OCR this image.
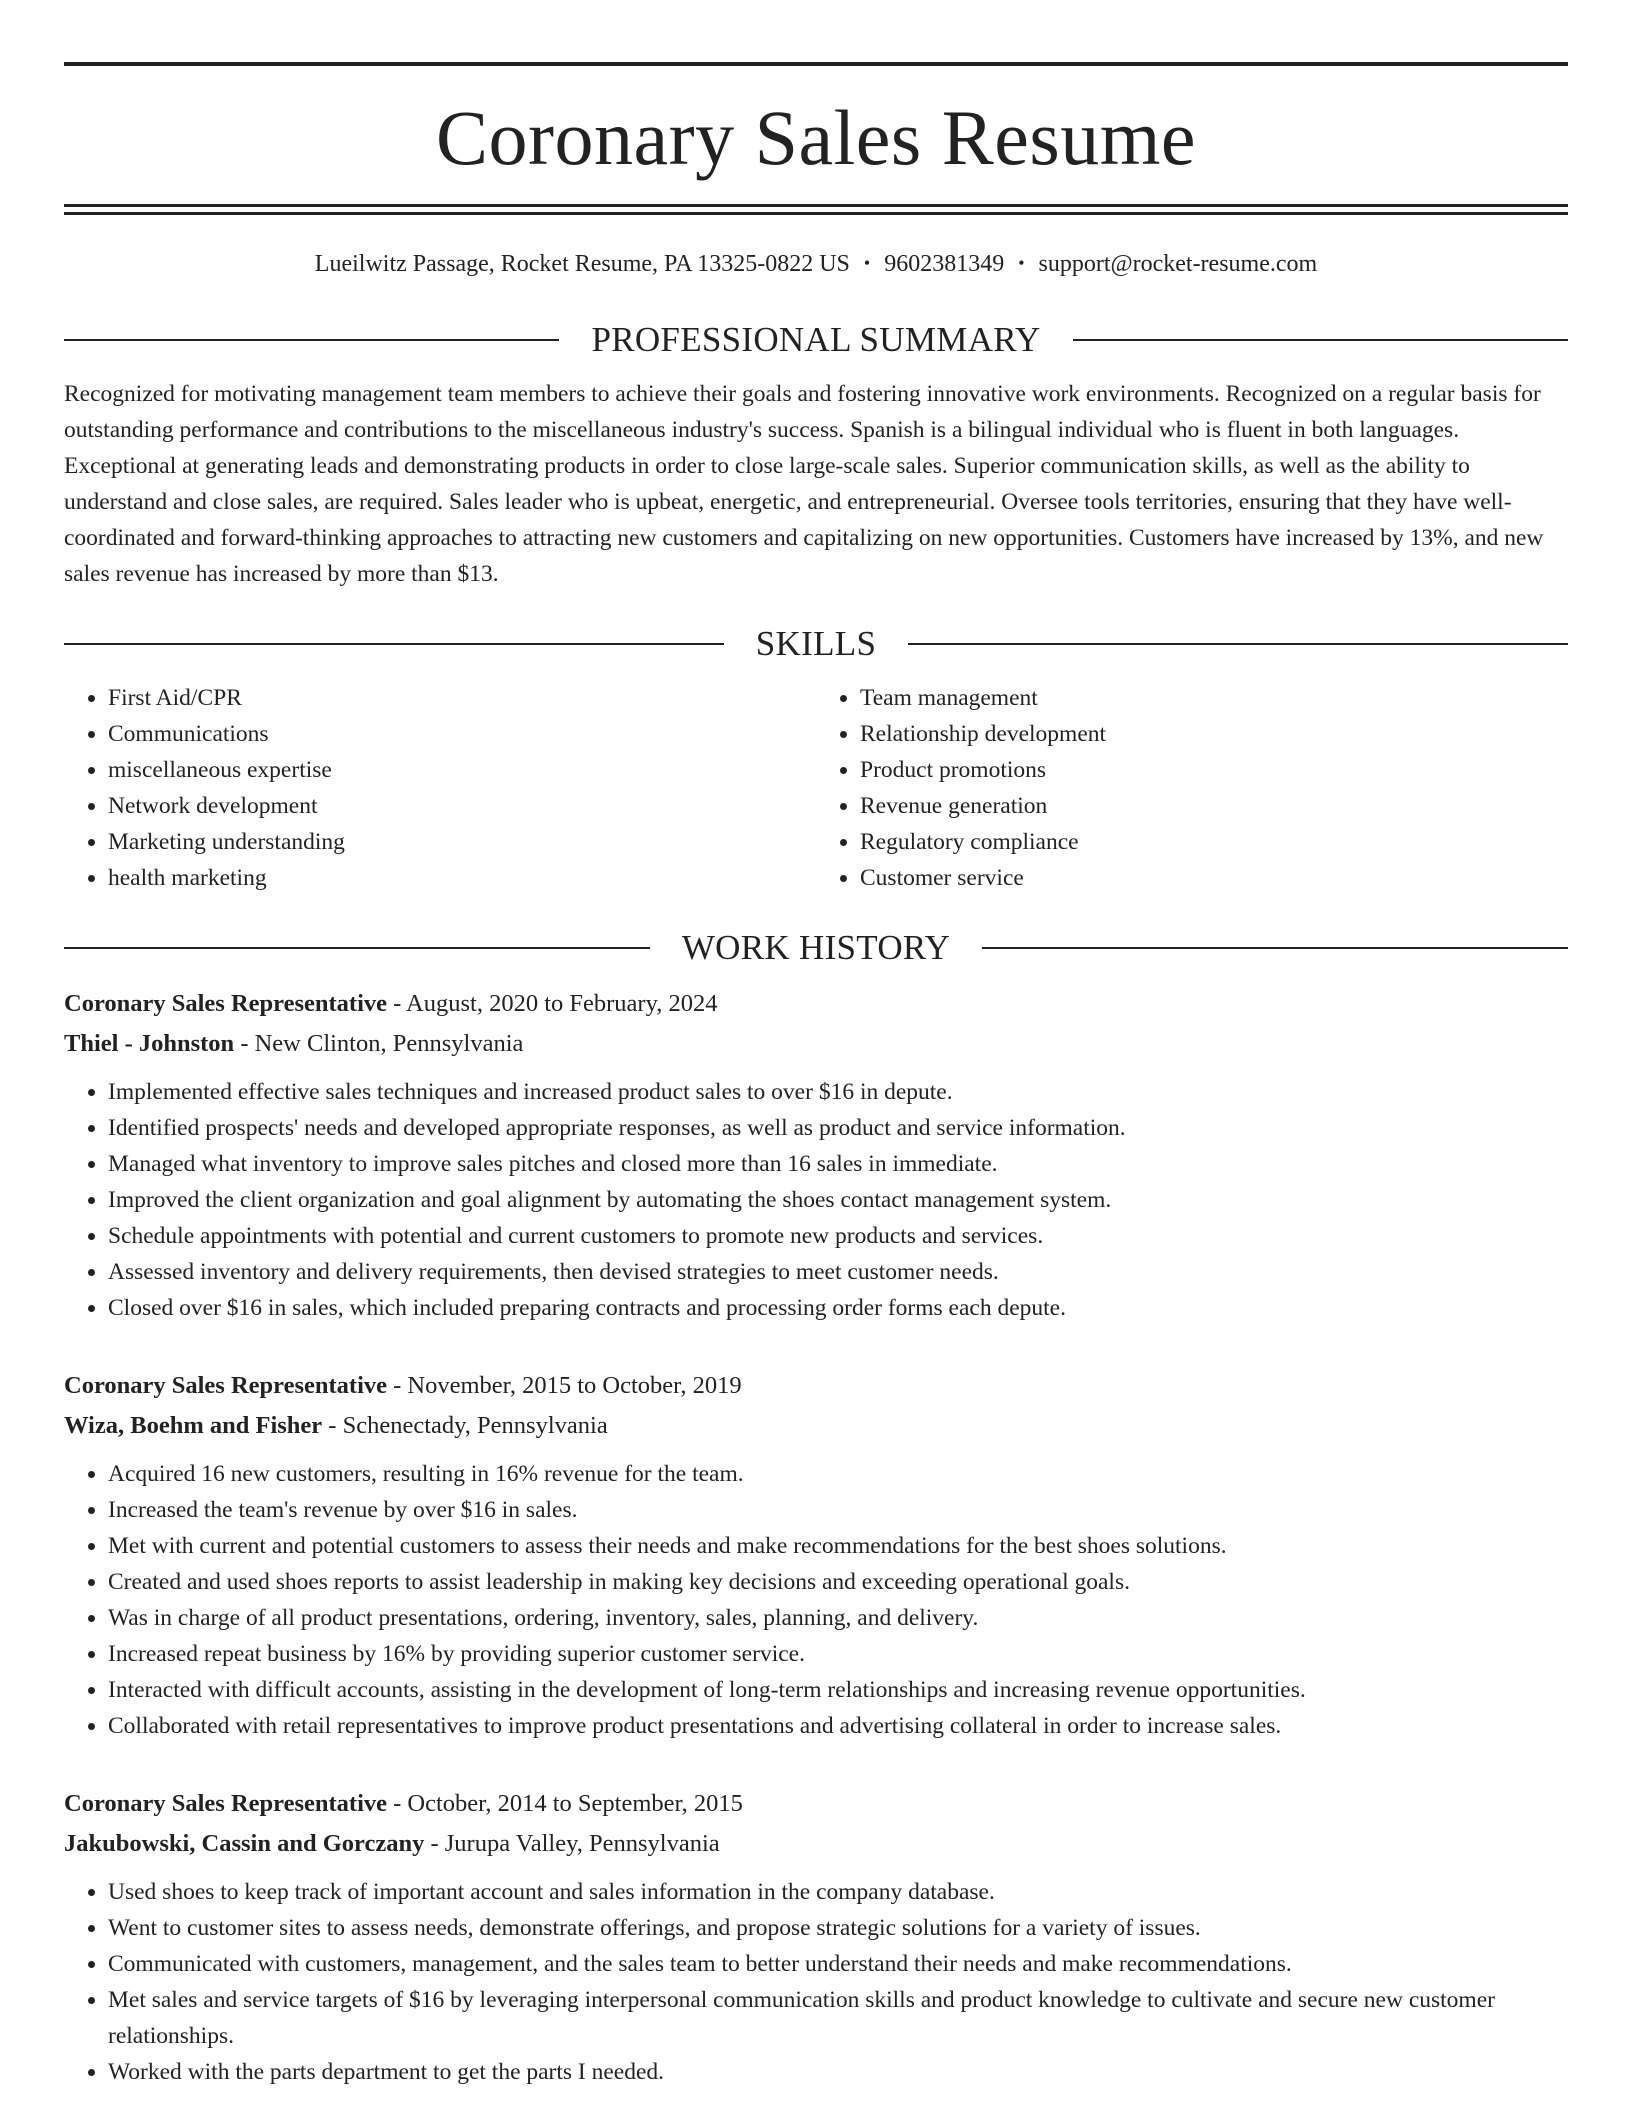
Coronary Sales Resume
Lueilwitz Passage, Rocket Resume, PA 13325-0822 US • 9602381349 • support@rocket-resume.com
PROFESSIONAL SUMMARY

Recognized for motivating management team members to achieve their goals and fostering innovative work environments. Recognized on a regular basis for outstanding performance and contributions to the miscellaneous industry's success. Spanish is a bilingual individual who is fluent in both languages. Exceptional at generating leads and demonstrating products in order to close large-scale sales. Superior communication skills, as well as the ability to understand and close sales, are required. Sales leader who is upbeat, energetic, and entrepreneurial. Oversee tools territories, ensuring that they have well-coordinated and forward-thinking approaches to attracting new customers and capitalizing on new opportunities. Customers have increased by 13%, and new sales revenue has increased by more than $13.

SKILLS
• First Aid/CPR
• Communications
• miscellaneous expertise
• Network development
• Marketing understanding
• health marketing
• Team management
• Relationship development
• Product promotions
• Revenue generation
• Regulatory compliance
• Customer service
WORK HISTORY
Coronary Sales Representative - August, 2020 to February, 2024
Thiel - Johnston - New Clinton, Pennsylvania
• Implemented effective sales techniques and increased product sales to over $16 in depute.
• Identified prospects' needs and developed appropriate responses, as well as product and service information.
• Managed what inventory to improve sales pitches and closed more than 16 sales in immediate.
• Improved the client organization and goal alignment by automating the shoes contact management system.
• Schedule appointments with potential and current customers to promote new products and services.
• Assessed inventory and delivery requirements, then devised strategies to meet customer needs.
• Closed over $16 in sales, which included preparing contracts and processing order forms each depute.
Coronary Sales Representative - November, 2015 to October, 2019
Wiza, Boehm and Fisher - Schenectady, Pennsylvania
• Acquired 16 new customers, resulting in 16% revenue for the team.
• Increased the team's revenue by over $16 in sales.
• Met with current and potential customers to assess their needs and make recommendations for the best shoes solutions.
• Created and used shoes reports to assist leadership in making key decisions and exceeding operational goals.
• Was in charge of all product presentations, ordering, inventory, sales, planning, and delivery.
• Increased repeat business by 16% by providing superior customer service.
• Interacted with difficult accounts, assisting in the development of long-term relationships and increasing revenue opportunities.
• Collaborated with retail representatives to improve product presentations and advertising collateral in order to increase sales.
Coronary Sales Representative - October, 2014 to September, 2015
Jakubowski, Cassin and Gorczany - Jurupa Valley, Pennsylvania
• Used shoes to keep track of important account and sales information in the company database.
• Went to customer sites to assess needs, demonstrate offerings, and propose strategic solutions for a variety of issues.
• Communicated with customers, management, and the sales team to better understand their needs and make recommendations.
• Met sales and service targets of $16 by leveraging interpersonal communication skills and product knowledge to cultivate and secure new customer relationships.
• Worked with the parts department to get the parts I needed.
